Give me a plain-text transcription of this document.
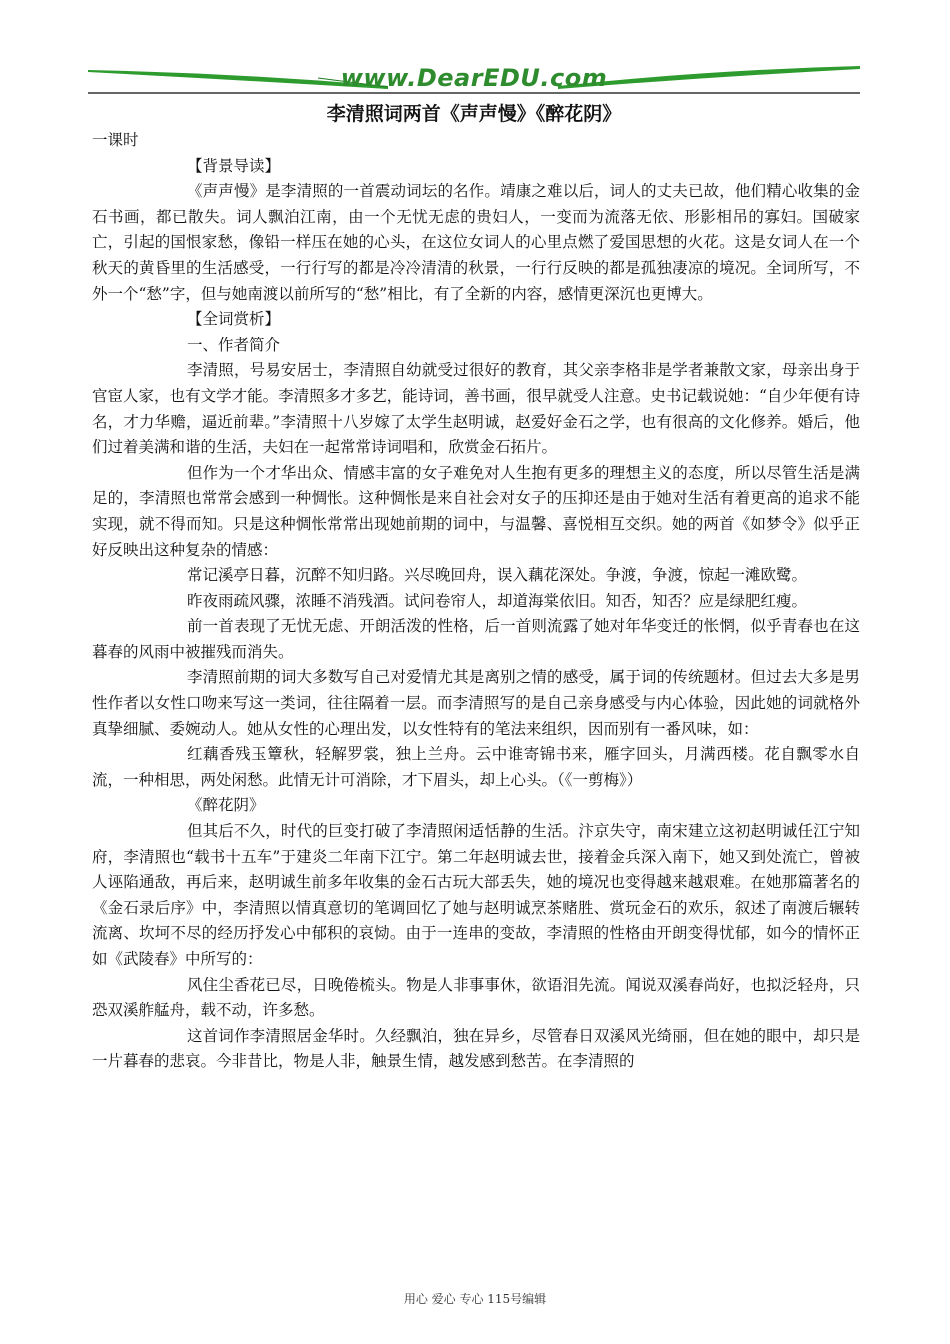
www.DearEDU.com
李清照词两首《声声慢》《醉花阴》

一课时

【背景导读】

《声声慢》是李清照的一首震动词坛的名作。靖康之难以后，词人的丈夫已故，他们精心收集的金石书画，都已散失。词人飘泊江南，由一个无忧无虑的贵妇人，一变而为流落无依、形影相吊的寡妇。国破家亡，引起的国恨家愁，像铅一样压在她的心头，在这位女词人的心里点燃了爱国思想的火花。这是女词人在一个秋天的黄昏里的生活感受，一行行写的都是冷冷清清的秋景，一行行反映的都是孤独凄凉的境况。全词所写，不外一个“愁”字，但与她南渡以前所写的“愁”相比，有了全新的内容，感情更深沉也更博大。

【全词赏析】

一、作者简介

李清照，号易安居士，李清照自幼就受过很好的教育，其父亲李格非是学者兼散文家，母亲出身于官宦人家，也有文学才能。李清照多才多艺，能诗词，善书画，很早就受人注意。史书记载说她：“自少年便有诗名，才力华赡，逼近前辈。”李清照十八岁嫁了太学生赵明诚，赵爱好金石之学，也有很高的文化修养。婚后，他们过着美满和谐的生活，夫妇在一起常常诗词唱和，欣赏金石拓片。

但作为一个才华出众、情感丰富的女子难免对人生抱有更多的理想主义的态度，所以尽管生活是满足的，李清照也常常会感到一种惆怅。这种惆怅是来自社会对女子的压抑还是由于她对生活有着更高的追求不能实现，就不得而知。只是这种惆怅常常出现她前期的词中，与温馨、喜悦相互交织。她的两首《如梦令》似乎正好反映出这种复杂的情感：

常记溪亭日暮，沉醉不知归路。兴尽晚回舟，误入藕花深处。争渡，争渡，惊起一滩欧鹭。

昨夜雨疏风骤，浓睡不消残酒。试问卷帘人，却道海棠依旧。知否，知否？应是绿肥红瘦。

前一首表现了无忧无虑、开朗活泼的性格，后一首则流露了她对年华变迁的怅惘，似乎青春也在这暮春的风雨中被摧残而消失。

李清照前期的词大多数写自己对爱情尤其是离别之情的感受，属于词的传统题材。但过去大多是男性作者以女性口吻来写这一类词，往往隔着一层。而李清照写的是自己亲身感受与内心体验，因此她的词就格外真挚细腻、委婉动人。她从女性的心理出发，以女性特有的笔法来组织，因而别有一番风味，如：

红藕香残玉簟秋，轻解罗裳，独上兰舟。云中谁寄锦书来，雁字回头，月满西楼。花自飘零水自流，一种相思，两处闲愁。此情无计可消除，才下眉头，却上心头。（《一剪梅》）

《醉花阴》

但其后不久，时代的巨变打破了李清照闲适恬静的生活。汴京失守，南宋建立这初赵明诚任江宁知府，李清照也“载书十五车”于建炎二年南下江宁。第二年赵明诚去世，接着金兵深入南下，她又到处流亡，曾被人诬陷通敌，再后来，赵明诚生前多年收集的金石古玩大部丢失，她的境况也变得越来越艰难。在她那篇著名的《金石录后序》中，李清照以情真意切的笔调回忆了她与赵明诚烹茶赌胜、赏玩金石的欢乐，叙述了南渡后辗转流离、坎坷不尽的经历抒发心中郁积的哀恸。由于一连串的变故，李清照的性格由开朗变得忧郁，如今的情怀正如《武陵春》中所写的：

风住尘香花已尽，日晚倦梳头。物是人非事事休，欲语泪先流。闻说双溪春尚好，也拟泛轻舟，只恐双溪舴艋舟，载不动，许多愁。

这首词作李清照居金华时。久经飘泊，独在异乡，尽管春日双溪风光绮丽，但在她的眼中，却只是一片暮春的悲哀。今非昔比，物是人非，触景生情，越发感到愁苦。在李清照的

用心 爱心 专心 115号编辑
